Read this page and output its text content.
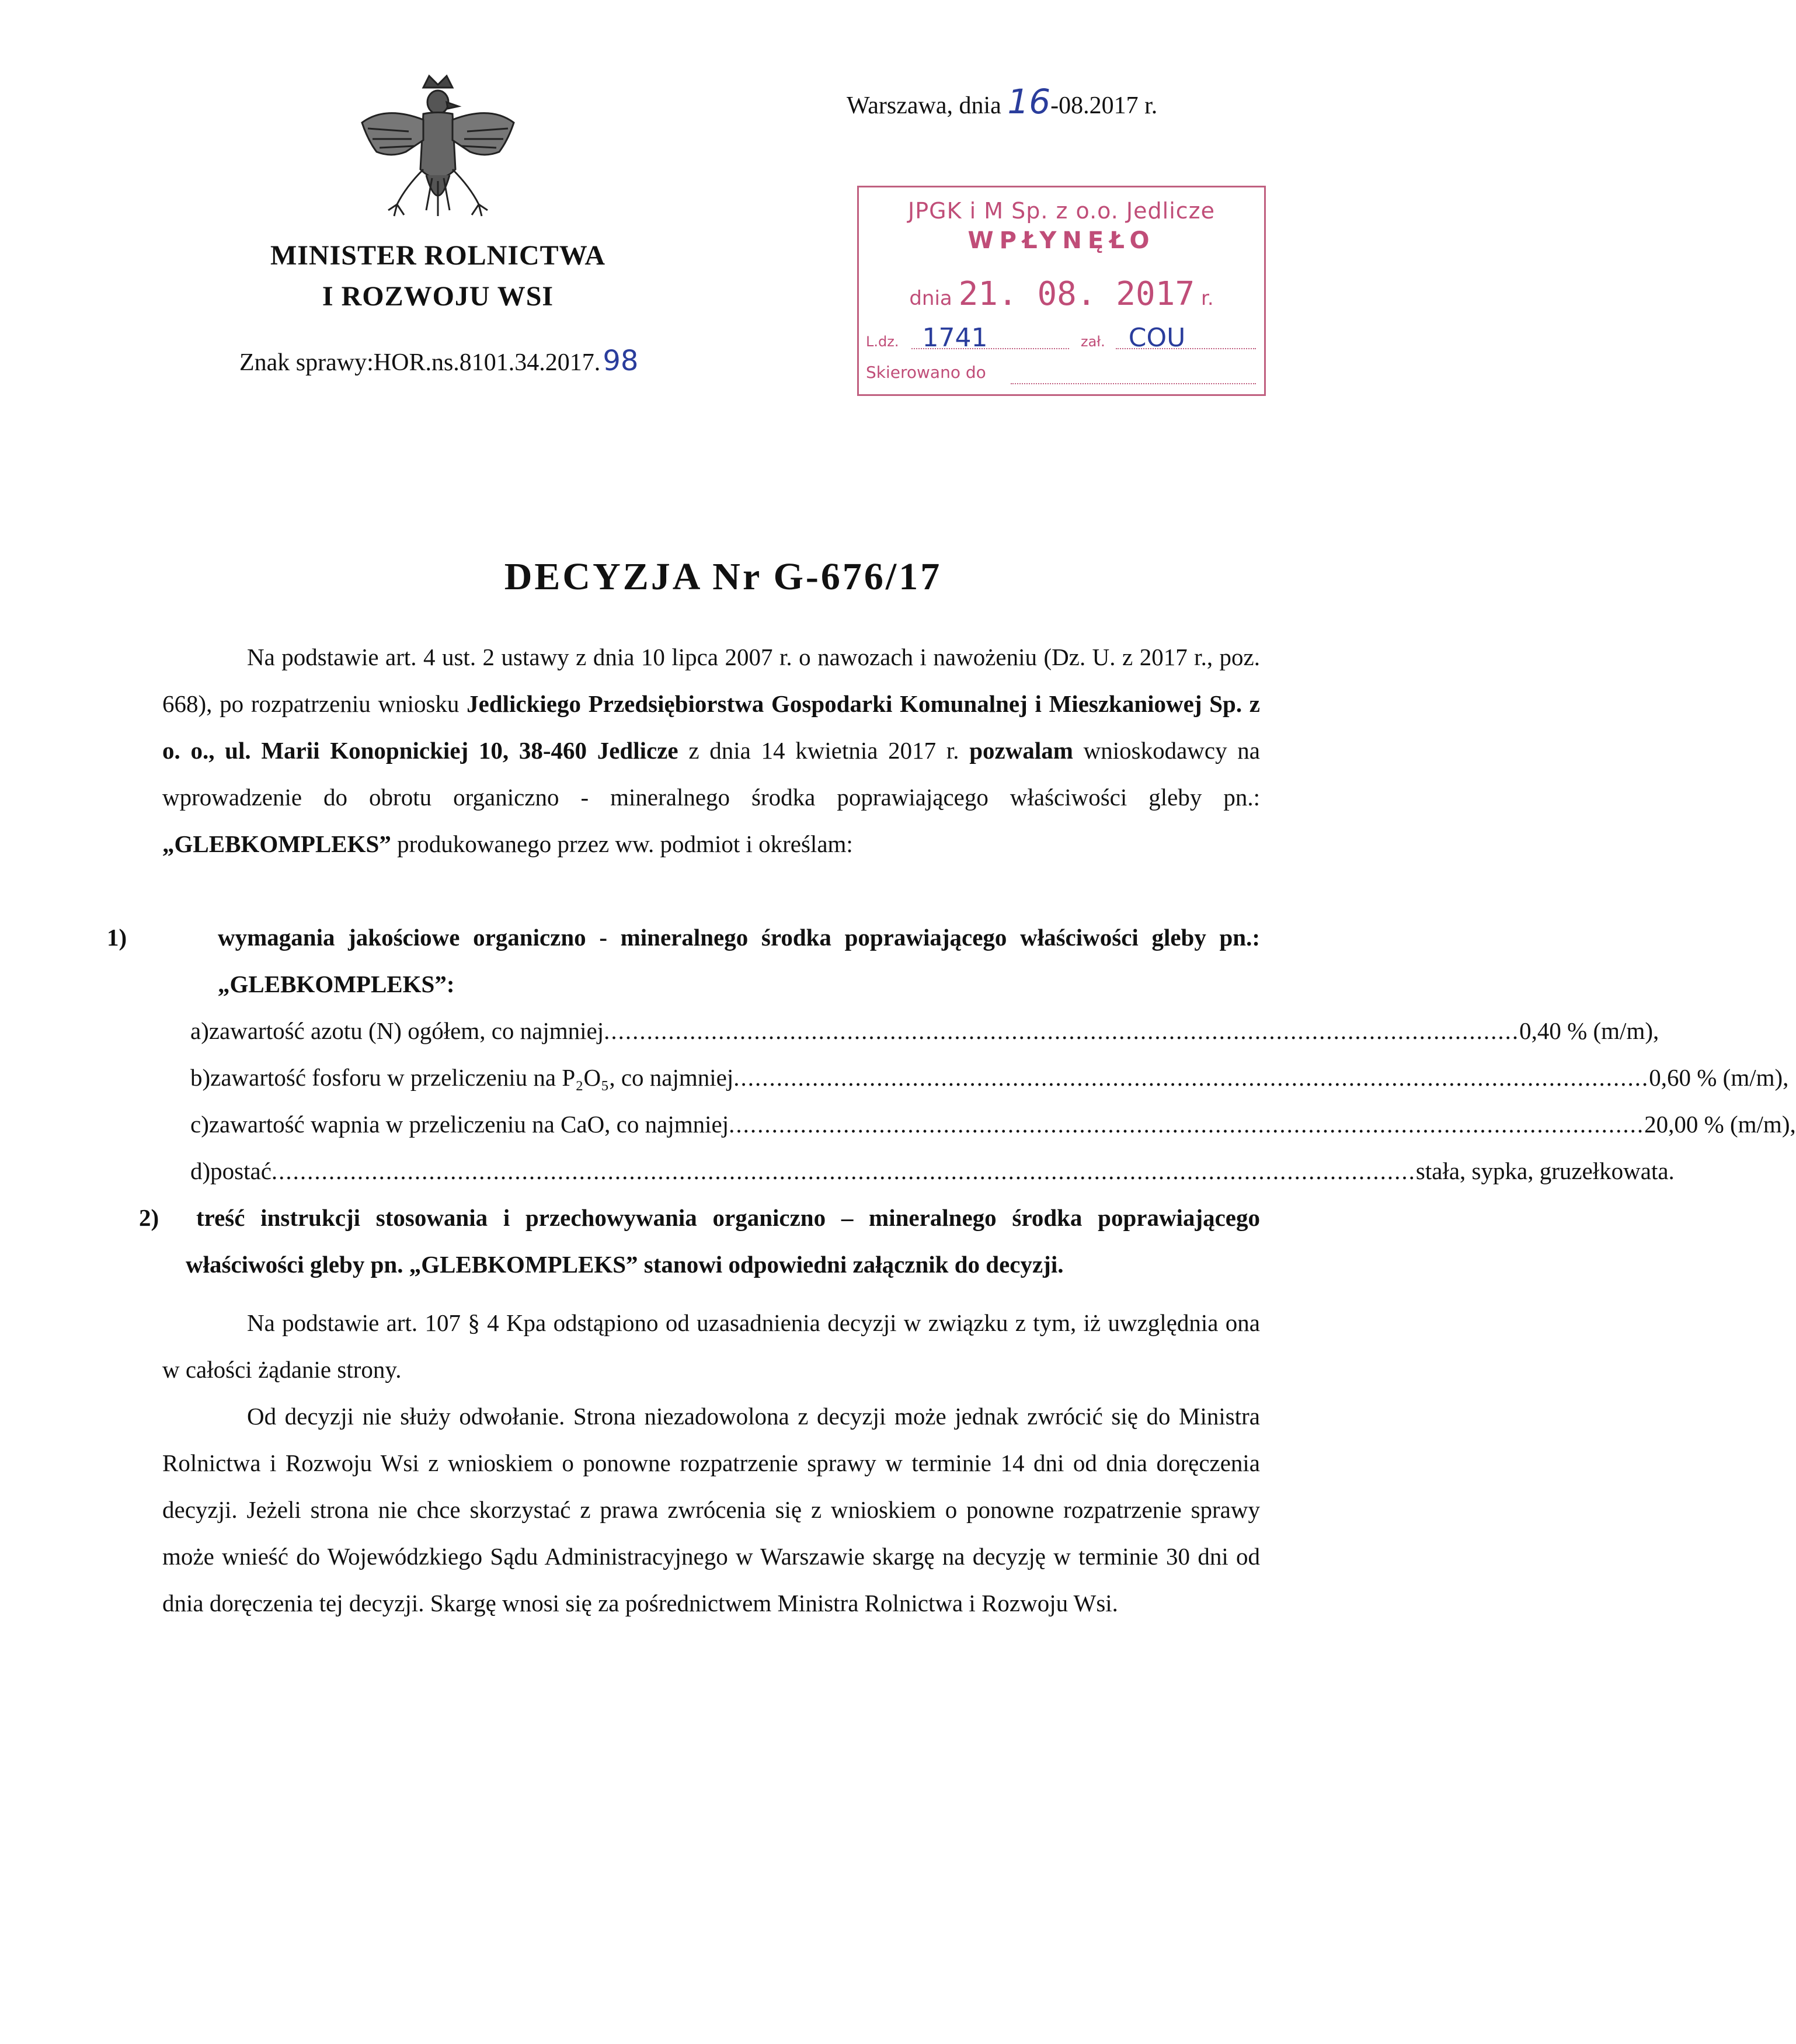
MINISTER ROLNICTWA
I ROZWOJU WSI
Znak sprawy:HOR.ns.8101.34.2017.98
Warszawa, dnia 16-08.2017 r.
JPGK i M Sp. z o.o. Jedlicze
WPŁYNĘŁO
dnia 21. 08. 2017 r.
L.dz. 1741	zał. COU
Skierowano do
DECYZJA Nr G-676/17

Na podstawie art. 4 ust. 2 ustawy z dnia 10 lipca 2007 r. o nawozach i nawożeniu (Dz. U. z 2017 r., poz. 668), po rozpatrzeniu wniosku Jedlickiego Przedsiębiorstwa Gospodarki Komunalnej i Mieszkaniowej Sp. z o. o., ul. Marii Konopnickiej 10, 38-460 Jedlicze z dnia 14 kwietnia 2017 r. pozwalam wnioskodawcy na wprowadzenie do obrotu organiczno - mineralnego środka poprawiającego właściwości gleby pn.: „GLEBKOMPLEKS” produkowanego przez ww. podmiot i określam:

1)	wymagania jakościowe organiczno - mineralnego środka poprawiającego właściwości gleby pn.: „GLEBKOMPLEKS”:

a) zawartość azotu (N) ogółem, co najmniej ................................................................................................................................ 0,40 % (m/m),
b) zawartość fosforu w przeliczeniu na P₂O₅, co najmniej ................................................................................................................................ 0,60 % (m/m),
c) zawartość wapnia w przeliczeniu na CaO, co najmniej ................................................................................................................................ 20,00 % (m/m),
d) postać ................................................................................................................................................................ stała, sypka, gruzełkowata.

2) treść instrukcji stosowania i przechowywania organiczno – mineralnego środka poprawiającego właściwości gleby pn. „GLEBKOMPLEKS” stanowi odpowiedni załącznik do decyzji.

Na podstawie art. 107 § 4 Kpa odstąpiono od uzasadnienia decyzji w związku z tym, iż uwzględnia ona w całości żądanie strony.

Od decyzji nie służy odwołanie. Strona niezadowolona z decyzji może jednak zwrócić się do Ministra Rolnictwa i Rozwoju Wsi z wnioskiem o ponowne rozpatrzenie sprawy w terminie 14 dni od dnia doręczenia decyzji. Jeżeli strona nie chce skorzystać z prawa zwrócenia się z wnioskiem o ponowne rozpatrzenie sprawy może wnieść do Wojewódzkiego Sądu Administracyjnego w Warszawie skargę na decyzję w terminie 30 dni od dnia doręczenia tej decyzji. Skargę wnosi się za pośrednictwem Ministra Rolnictwa i Rozwoju Wsi.
